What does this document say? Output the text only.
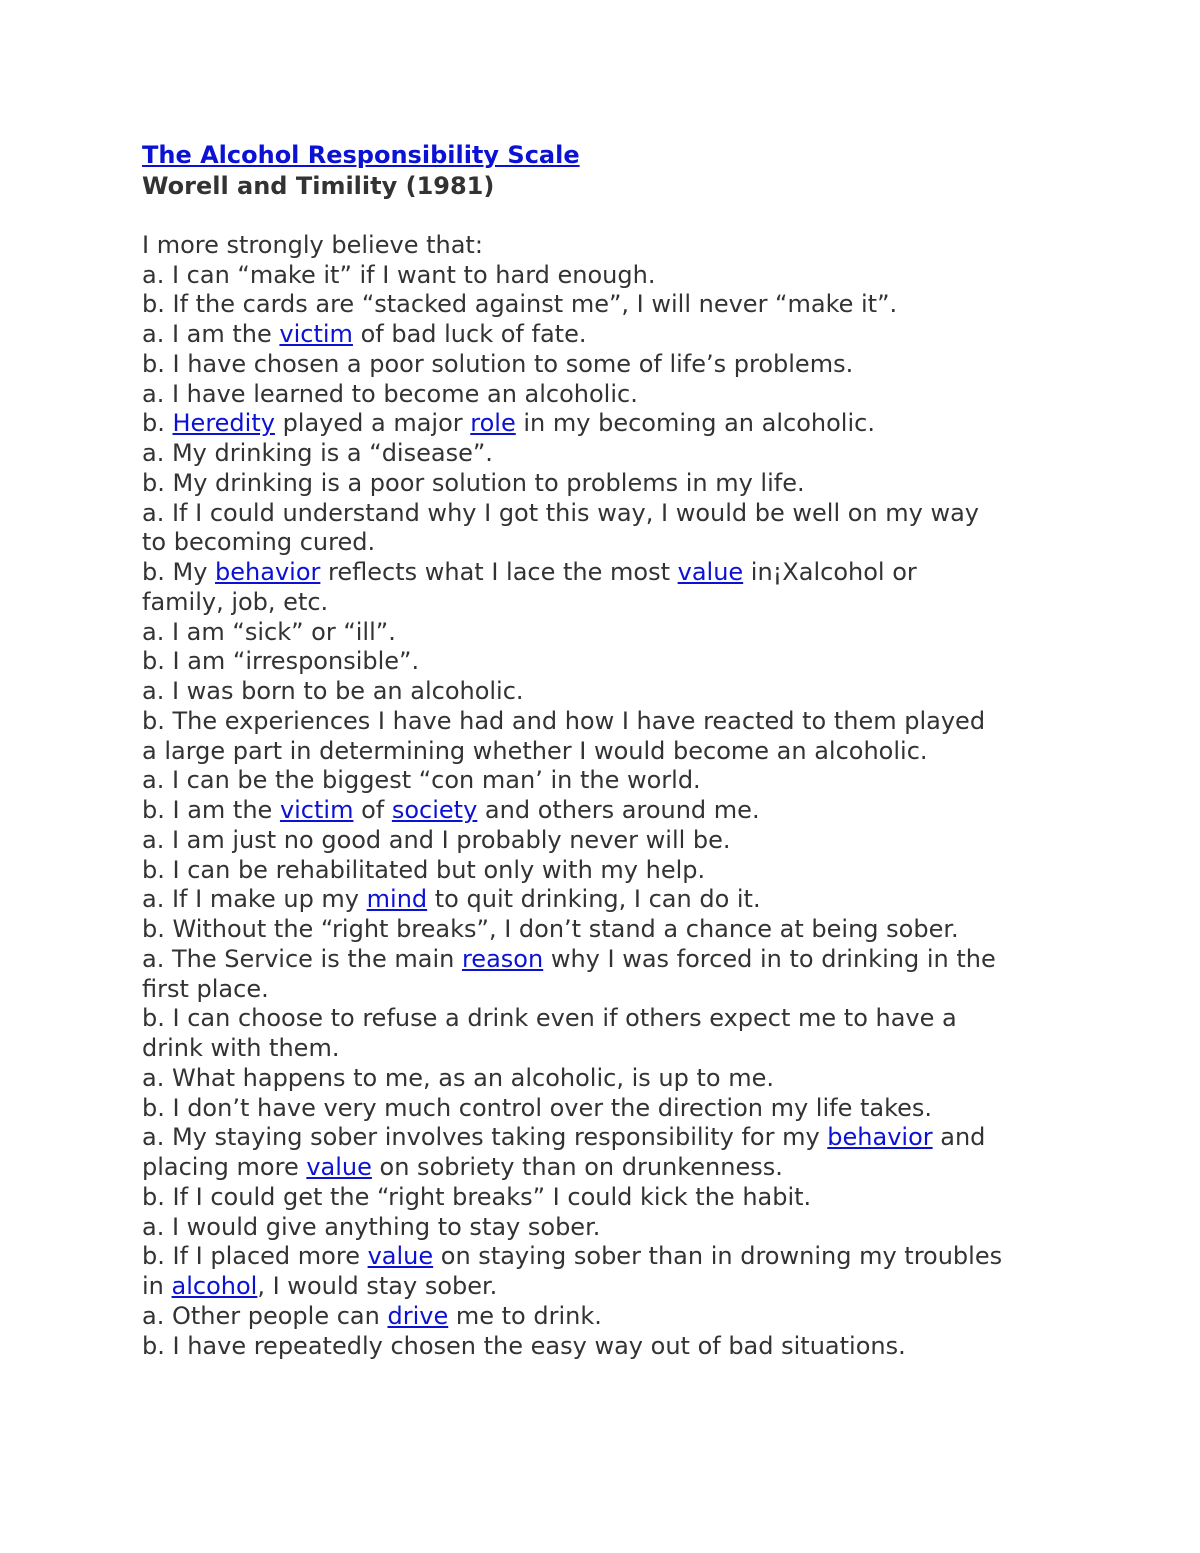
The Alcohol Responsibility Scale

Worell and Timility (1981)

I more strongly believe that:

a. I can “make it” if I want to hard enough.

b. If the cards are “stacked against me”, I will never “make it”.

a. I am the victim of bad luck of fate.

b. I have chosen a poor solution to some of life’s problems.

a. I have learned to become an alcoholic.

b. Heredity played a major role in my becoming an alcoholic.

a. My drinking is a “disease”.

b. My drinking is a poor solution to problems in my life.

a. If I could understand why I got this way, I would be well on my way

to becoming cured.

b. My behavior reflects what I lace the most value in¡Xalcohol or

family, job, etc.

a. I am “sick” or “ill”.

b. I am “irresponsible”.

a. I was born to be an alcoholic.

b. The experiences I have had and how I have reacted to them played

a large part in determining whether I would become an alcoholic.

a. I can be the biggest “con man’ in the world.

b. I am the victim of society and others around me.

a. I am just no good and I probably never will be.

b. I can be rehabilitated but only with my help.

a. If I make up my mind to quit drinking, I can do it.

b. Without the “right breaks”, I don’t stand a chance at being sober.

a. The Service is the main reason why I was forced in to drinking in the

first place.

b. I can choose to refuse a drink even if others expect me to have a

drink with them.

a. What happens to me, as an alcoholic, is up to me.

b. I don’t have very much control over the direction my life takes.

a. My staying sober involves taking responsibility for my behavior and

placing more value on sobriety than on drunkenness.

b. If I could get the “right breaks” I could kick the habit.

a. I would give anything to stay sober.

b. If I placed more value on staying sober than in drowning my troubles

in alcohol, I would stay sober.

a. Other people can drive me to drink.

b. I have repeatedly chosen the easy way out of bad situations.
